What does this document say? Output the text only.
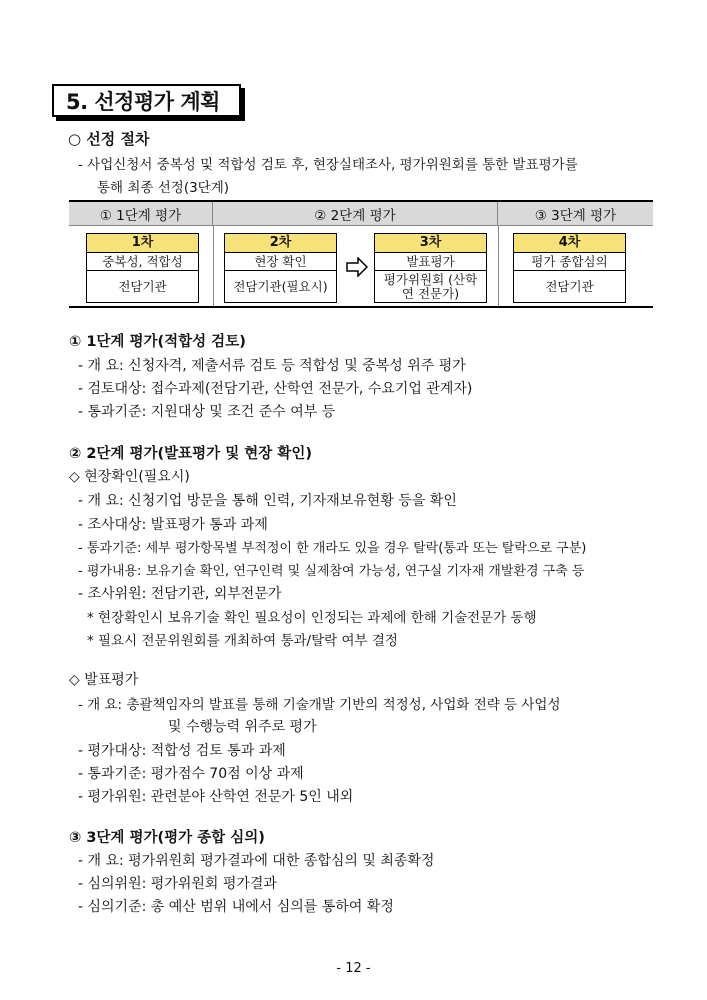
5. 선정평가 계획
○ 선정 절차
- 사업신청서 중복성 및 적합성 검토 후, 현장실태조사, 평가위원회를 통한 발표평가를
통해 최종 선정(3단계)
① 1단계 평가	② 2단계 평가	③ 3단계 평가
1차
중복성, 적합성
전담기관
2차
현장 확인
전담기관(필요시)
3차
발표평가
평가위원회 (산학연 전문가)
4차
평가 종합심의
전담기관
① 1단계 평가(적합성 검토)
- 개 요: 신청자격, 제출서류 검토 등 적합성 및 중복성 위주 평가
- 검토대상: 접수과제(전담기관, 산학연 전문가, 수요기업 관계자)
- 통과기준: 지원대상 및 조건 준수 여부 등
② 2단계 평가(발표평가 및 현장 확인)
◇ 현장확인(필요시)
- 개 요: 신청기업 방문을 통해 인력, 기자재보유현황 등을 확인
- 조사대상: 발표평가 통과 과제
- 통과기준: 세부 평가항목별 부적정이 한 개라도 있을 경우 탈락(통과 또는 탈락으로 구분)
- 평가내용: 보유기술 확인, 연구인력 및 실제참여 가능성, 연구실 기자재 개발환경 구축 등
- 조사위원: 전담기관, 외부전문가
* 현장확인시 보유기술 확인 필요성이 인정되는 과제에 한해 기술전문가 동행
* 필요시 전문위원회를 개최하여 통과/탈락 여부 결정
◇ 발표평가
- 개 요: 총괄책임자의 발표를 통해 기술개발 기반의 적정성, 사업화 전략 등 사업성
및 수행능력 위주로 평가
- 평가대상: 적합성 검토 통과 과제
- 통과기준: 평가점수 70점 이상 과제
- 평가위원: 관련분야 산학연 전문가 5인 내외
③ 3단계 평가(평가 종합 심의)
- 개 요: 평가위원회 평가결과에 대한 종합심의 및 최종확정
- 심의위원: 평가위원회 평가결과
- 심의기준: 총 예산 범위 내에서 심의를 통하여 확정
- 12 -
